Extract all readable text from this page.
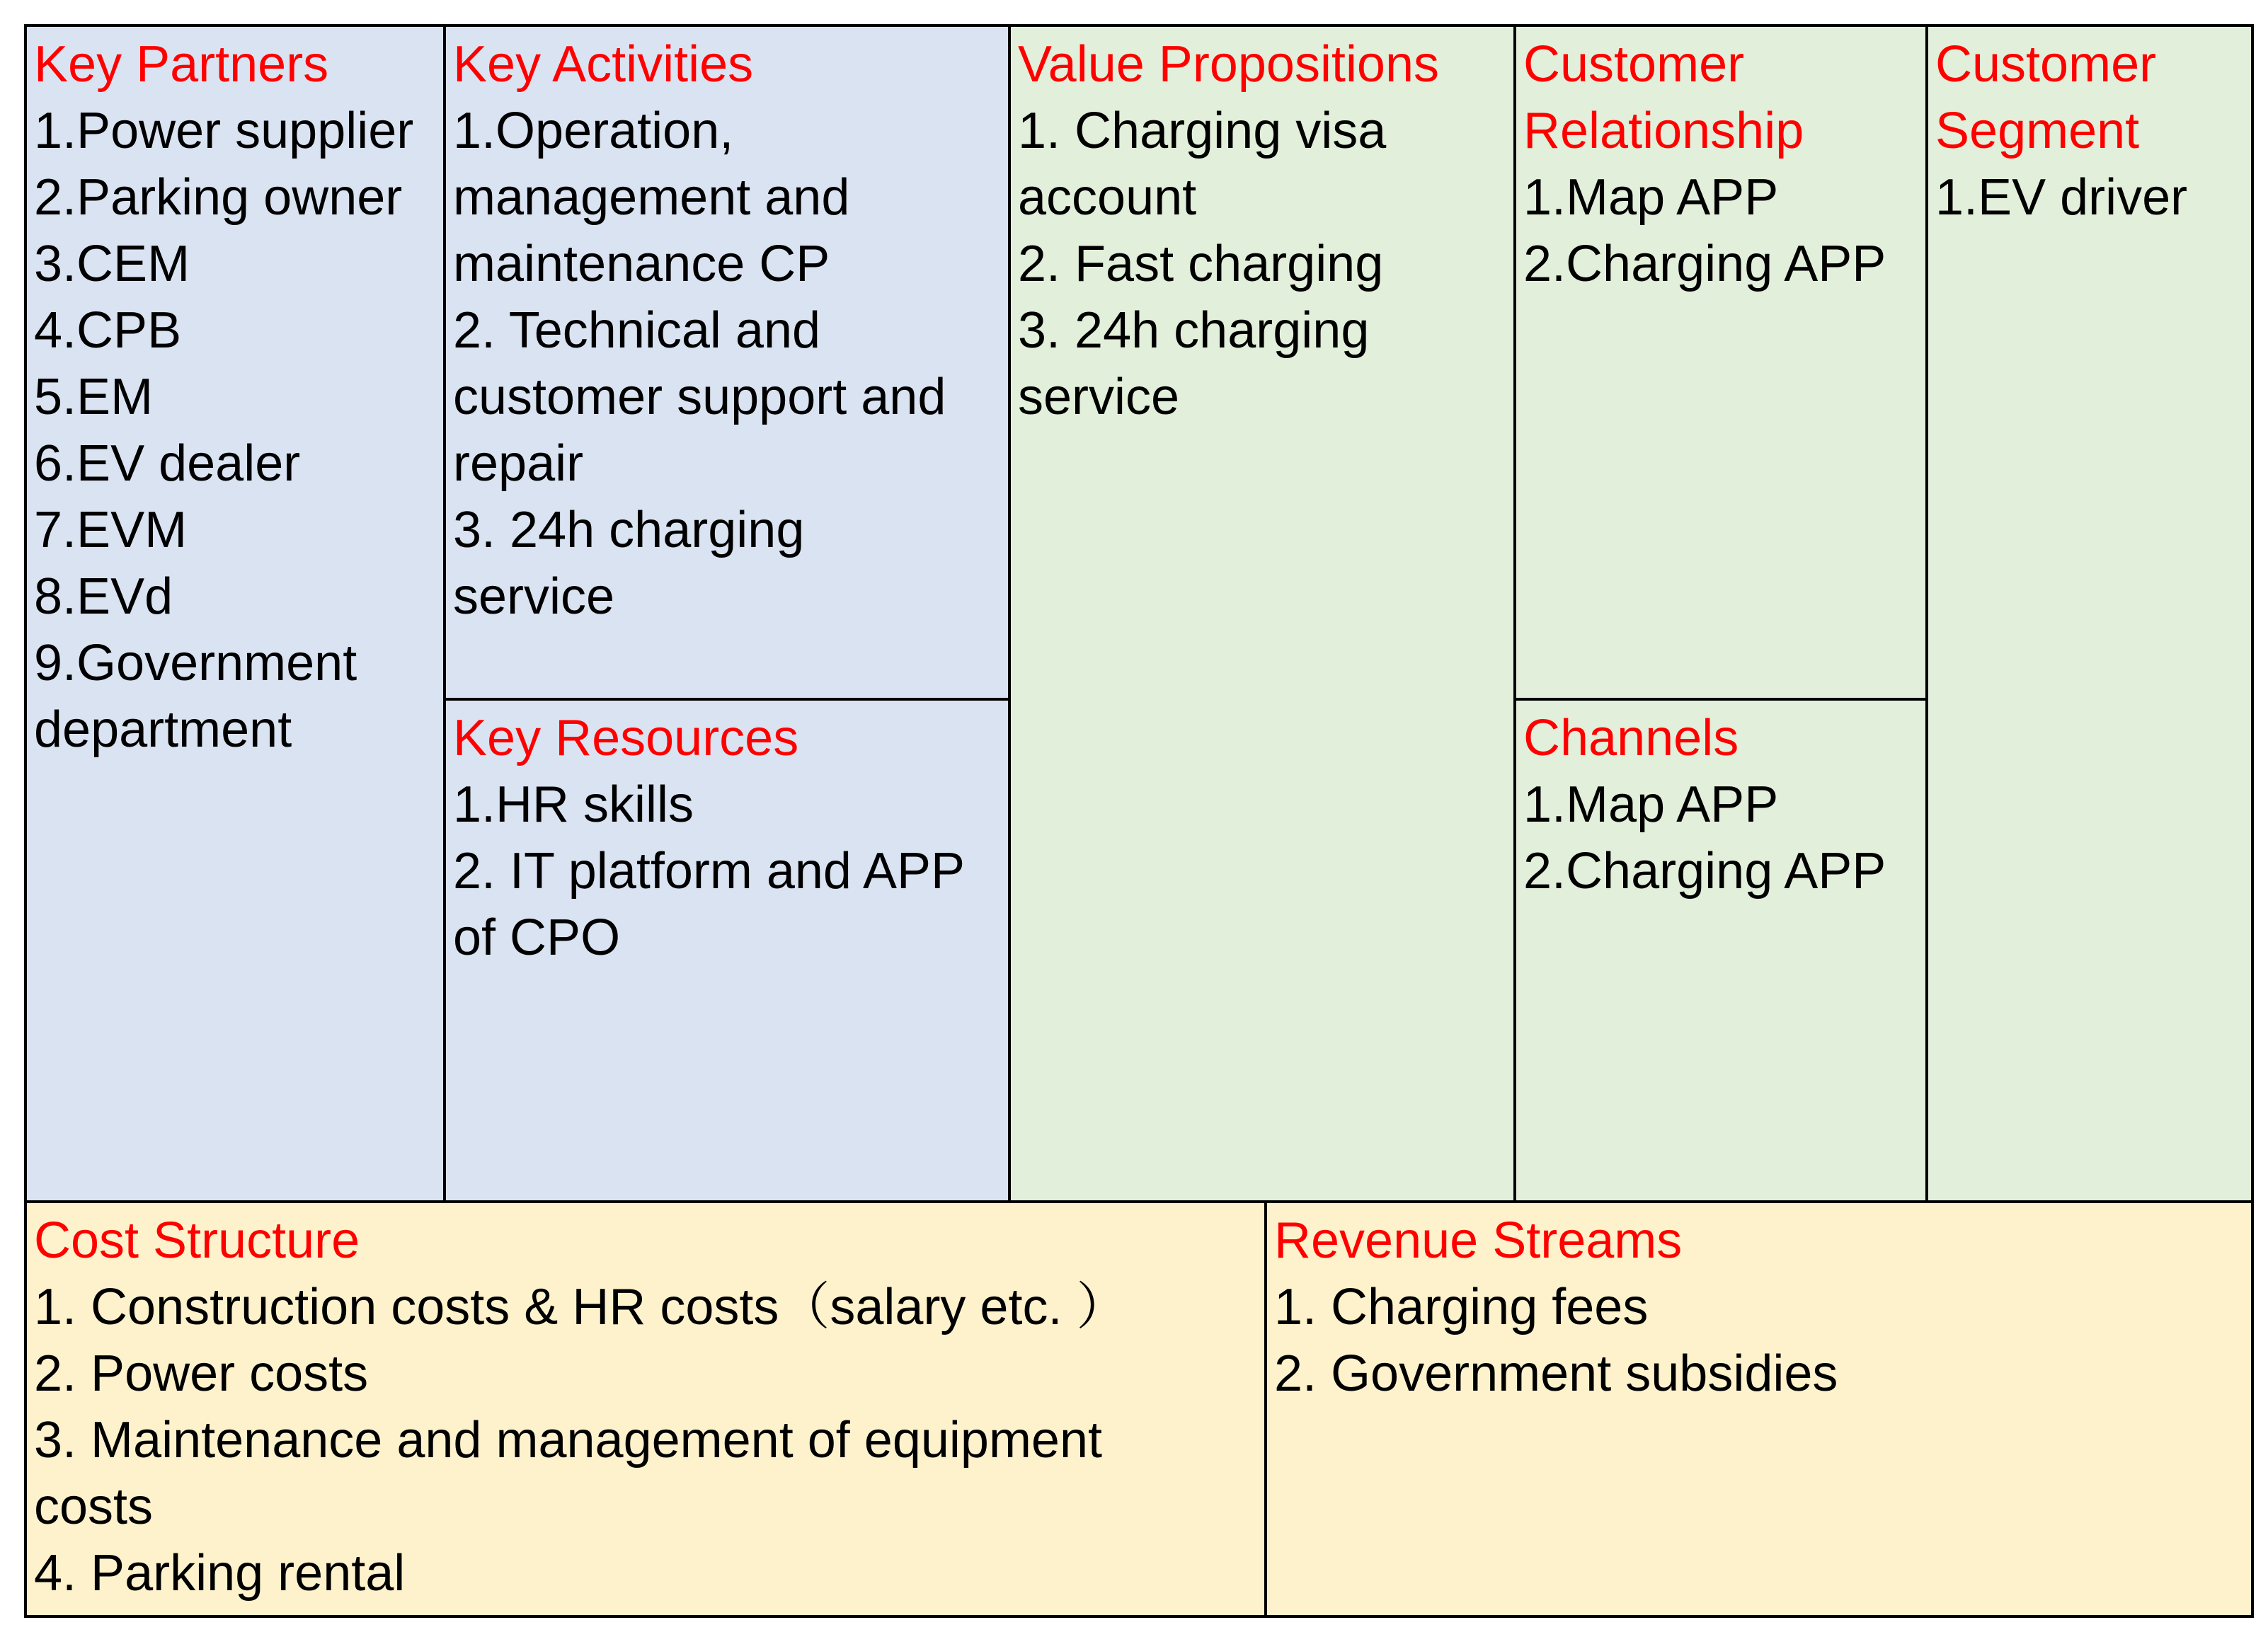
Key Partners
1.Power supplier
2.Parking owner
3.CEM
4.CPB
5.EM
6.EV dealer
7.EVM
8.EVd
9.Government department
Key Activities
1.Operation, management and maintenance CP
2. Technical and customer support and repair
3. 24h charging service
Key Resources
1.HR skills
2. IT platform and APP of CPO
Value Propositions
1. Charging visa account
2. Fast charging
3. 24h charging service
Customer Relationship
1.Map APP
2.Charging APP
Channels
1.Map APP
2.Charging APP
Customer Segment
1.EV driver
Cost Structure
1. Construction costs & HR costs（salary etc. ）
2. Power costs
3. Maintenance and management of equipment costs
4. Parking rental
Revenue Streams
1. Charging fees
2. Government subsidies
